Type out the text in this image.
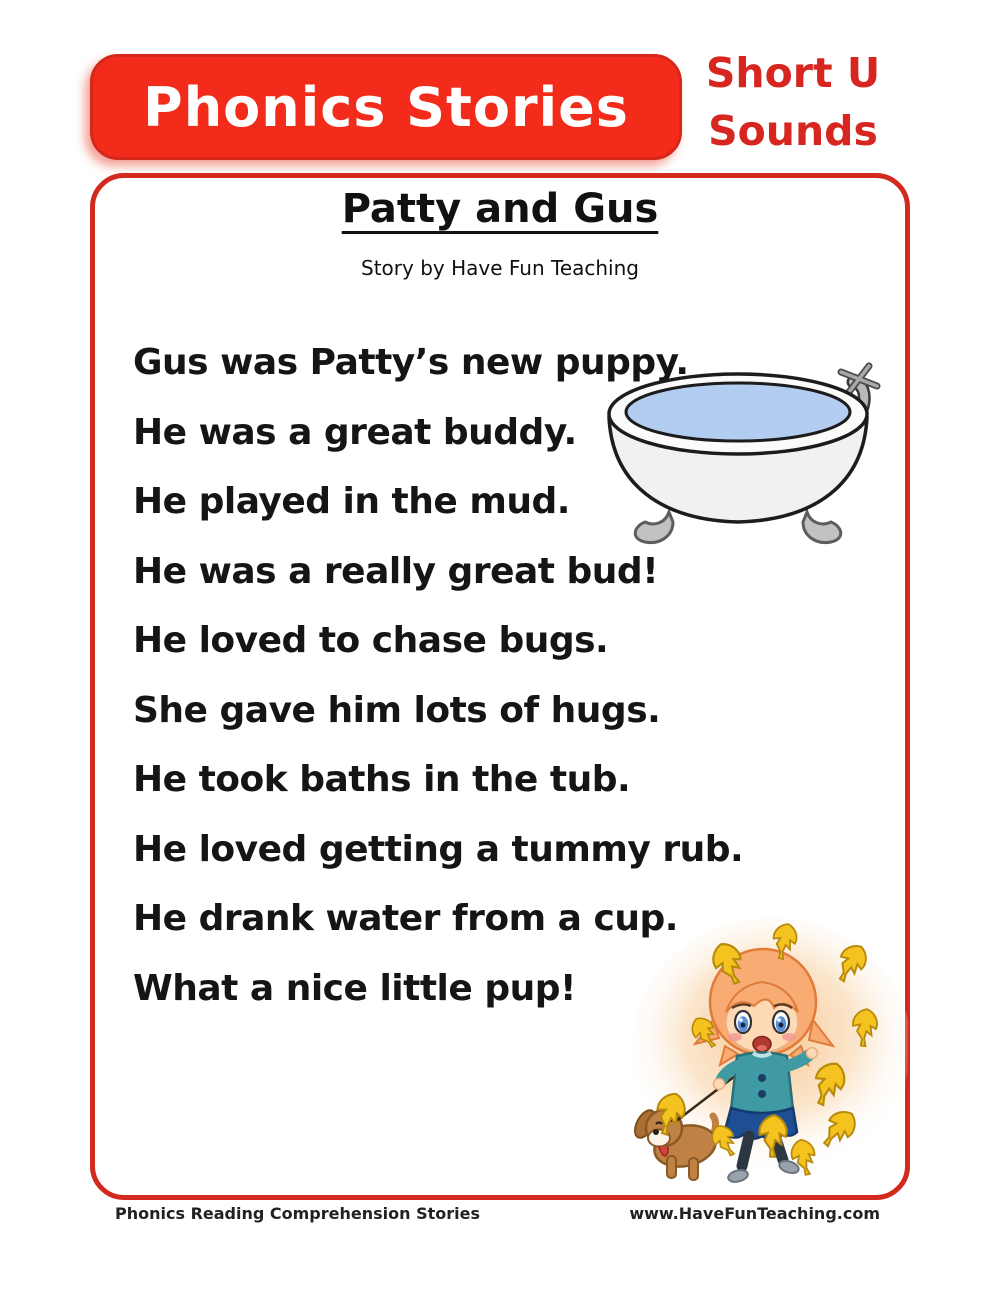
Phonics Stories
Short U
Sounds
Patty and Gus
Story by Have Fun Teaching
Gus was Patty’s new puppy.
He was a great buddy.
He played in the mud.
He was a really great bud!
He loved to chase bugs.
She gave him lots of hugs.
He took baths in the tub.
He loved getting a tummy rub.
He drank water from a cup.
What a nice little pup!
Phonics Reading Comprehension Stories	www.HaveFunTeaching.com
